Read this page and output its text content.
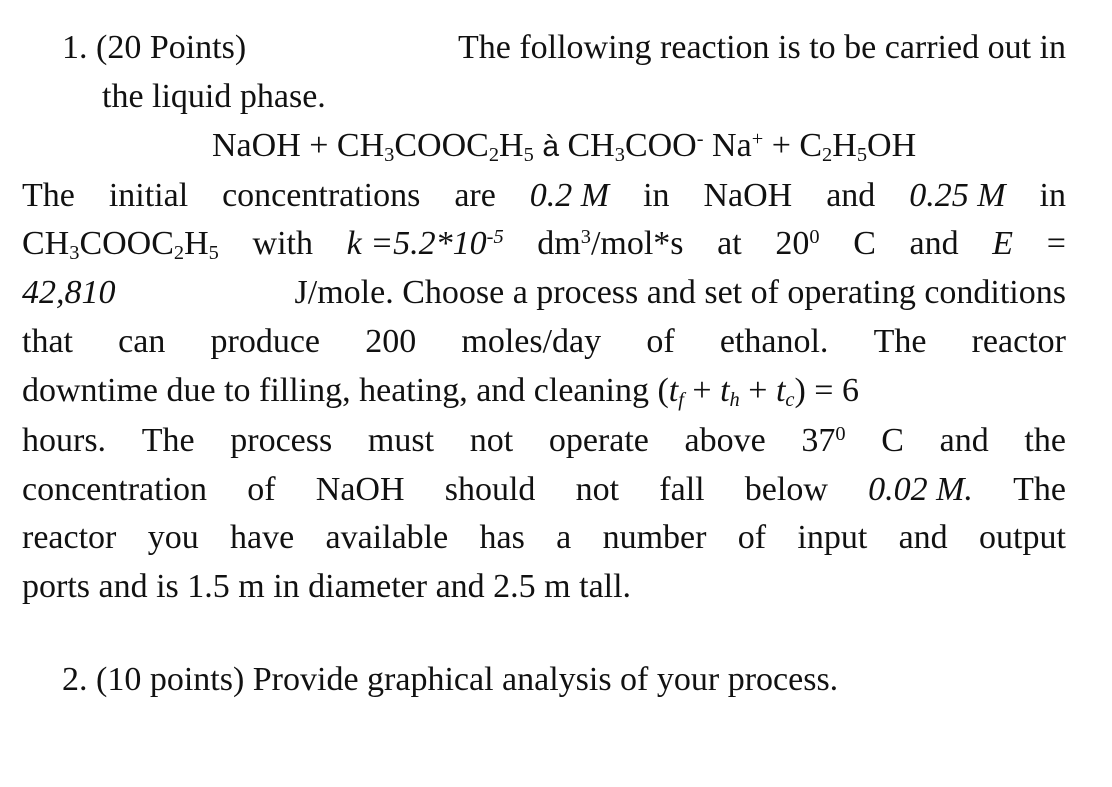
1. (20 Points)	The following reaction is to be carried out in
the liquid phase.
NaOH + $CH_3COOC_2H_5$ à $CH_3COO^-$ $Na^+ + C_2H_5OH$
The initial concentrations are 0.2 M in NaOH and 0.25 M in
$CH_3COOC_2H_5$ with $k =5.2*10^{-5}$ $dm^3/mol*s$ at $20^0$ C and E =
42,810	J/mole. Choose a process and set of operating conditions
that can produce 200 moles/day of ethanol. The reactor
downtime due to filling, heating, and cleaning $(t_f + t_h + t_c) = 6$
hours. The process must not operate above $37^0$ C and the
concentration of NaOH should not fall below 0.02 M. The
reactor you have available has a number of input and output
ports and is 1.5 m in diameter and 2.5 m tall.
2. (10 points) Provide graphical analysis of your process.
